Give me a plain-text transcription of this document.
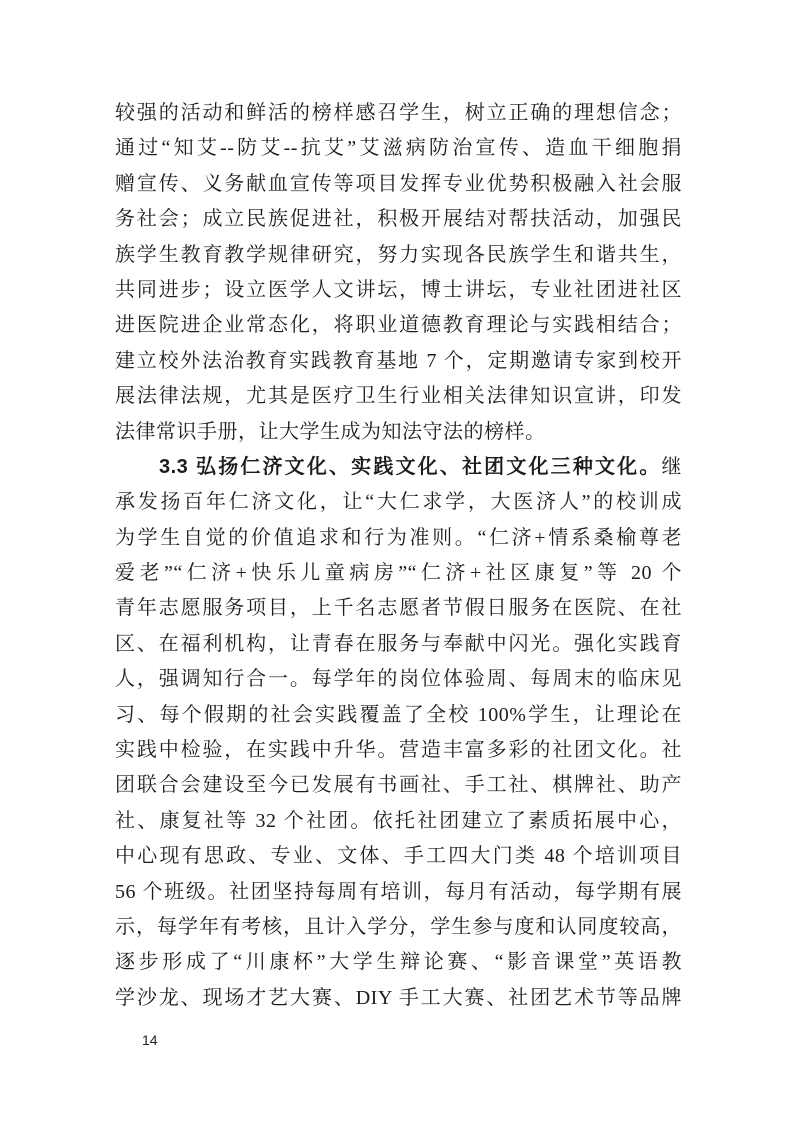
较强的活动和鲜活的榜样感召学生，树立正确的理想信念；
通过“知艾--防艾--抗艾”艾滋病防治宣传、造血干细胞捐
赠宣传、义务献血宣传等项目发挥专业优势积极融入社会服
务社会；成立民族促进社，积极开展结对帮扶活动，加强民
族学生教育教学规律研究，努力实现各民族学生和谐共生，
共同进步；设立医学人文讲坛，博士讲坛，专业社团进社区
进医院进企业常态化，将职业道德教育理论与实践相结合；
建立校外法治教育实践教育基地 7 个，定期邀请专家到校开
展法律法规，尤其是医疗卫生行业相关法律知识宣讲，印发
法律常识手册，让大学生成为知法守法的榜样。
3.3 弘扬仁济文化、实践文化、社团文化三种文化。继
承发扬百年仁济文化，让“大仁求学，大医济人”的校训成
为学生自觉的价值追求和行为准则。“仁济+情系桑榆尊老
爱老”“仁济+快乐儿童病房”“仁济+社区康复”等 20 个
青年志愿服务项目，上千名志愿者节假日服务在医院、在社
区、在福利机构，让青春在服务与奉献中闪光。强化实践育
人，强调知行合一。每学年的岗位体验周、每周末的临床见
习、每个假期的社会实践覆盖了全校 100%学生，让理论在
实践中检验，在实践中升华。营造丰富多彩的社团文化。社
团联合会建设至今已发展有书画社、手工社、棋牌社、助产
社、康复社等 32 个社团。依托社团建立了素质拓展中心，
中心现有思政、专业、文体、手工四大门类 48 个培训项目
56 个班级。社团坚持每周有培训，每月有活动，每学期有展
示，每学年有考核，且计入学分，学生参与度和认同度较高，
逐步形成了“川康杯”大学生辩论赛、“影音课堂”英语教
学沙龙、现场才艺大赛、DIY 手工大赛、社团艺术节等品牌
14
